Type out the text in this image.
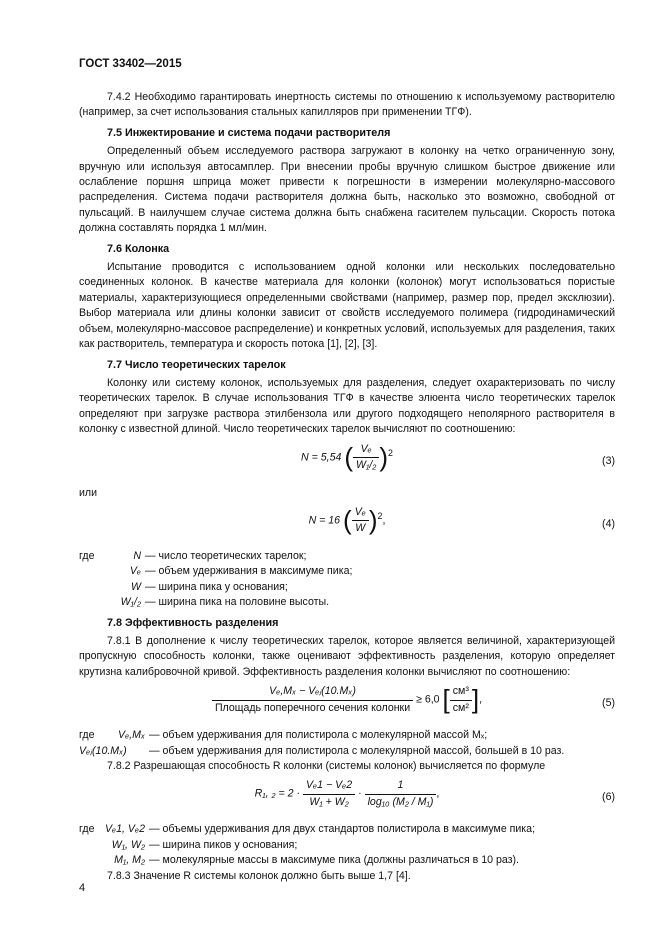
ГОСТ 33402—2015

7.4.2 Необходимо гарантировать инертность системы по отношению к используемому растворителю (например, за счет использования стальных капилляров при применении ТГФ).

7.5 Инжектирование и система подачи растворителя

Определенный объем исследуемого раствора загружают в колонку на четко ограниченную зону, вручную или используя автосамплер. При внесении пробы вручную слишком быстрое движение или ослабление поршня шприца может привести к погрешности в измерении молекулярно-массового распределения. Система подачи растворителя должна быть, насколько это возможно, свободной от пульсаций. В наилучшем случае система должна быть снабжена гасителем пульсации. Скорость потока должна составлять порядка 1 мл/мин.

7.6 Колонка

Испытание проводится с использованием одной колонки или нескольких последовательно соединенных колонок. В качестве материала для колонки (колонок) могут использоваться пористые материалы, характеризующиеся определенными свойствами (например, размер пор, предел эксклюзии). Выбор материала или длины колонки зависит от свойств исследуемого полимера (гидродинамический объем, молекулярно-массовое распределение) и конкретных условий, используемых для разделения, таких как растворитель, температура и скорость потока [1], [2], [3].

7.7 Число теоретических тарелок

Колонку или систему колонок, используемых для разделения, следует охарактеризовать по числу теоретических тарелок. В случае использования ТГФ в качестве элюента число теоретических тарелок определяют при загрузке раствора этилбензола или другого подходящего неполярного растворителя в колонку с известной длиной. Число теоретических тарелок вычисляют по соотношению:

N = 5,54 ( $\frac{\text{Vₑ}}{\text{W₁/₂}} )^2$
(3)
или
N = 16 ( $\frac{\text{Vₑ}}{W} )^2$,	(4)
где	N — число теоретических тарелок;
Vₑ — объем удерживания в максимуме пика;
W — ширина пика у основания;
W₁/₂ — ширина пика на половине высоты.
7.8 Эффективность разделения

7.8.1 В дополнение к числу теоретических тарелок, которое является величиной, характеризующей пропускную способность колонки, также оценивают эффективность разделения, которую определяет крутизна калибровочной кривой. Эффективность разделения колонки вычисляют по соотношению:

$\frac{\text{Vₑ,Mₓ − Vₑⱼ(10.Mₓ)}}{\text{Площадь поперечного сечения колонки}} \ge 6,0$ [ $\frac{\text{см³}}{\text{см²}}$ ],	(5)
где	Vₑ,Mₓ — объем удерживания для полистирола с молекулярной массой Mₓ;
Vₑⱼ(10.Mₓ)	— объем удерживания для полистирола с молекулярной массой, большей в 10 раз.

7.8.2 Разрешающая способность R колонки (системы колонок) вычисляется по формуле

R₁, $_2 = 2 \cdot \frac{\text{Vₑ1 − Vₑ2}}{\text{W₁ + W₂}} \cdot \frac{1}{\text{log₁₀ (M₂ / M₁)}}$ ,	(6)
где Vₑ1, Vₑ2 — объемы удерживания для двух стандартов полистирола в максимуме пика;
W₁, W₂ — ширина пиков у основания;
M₁, M₂ — молекулярные массы в максимуме пика (должны различаться в 10 раз).

7.8.3 Значение R системы колонок должно быть выше 1,7 [4].

4
